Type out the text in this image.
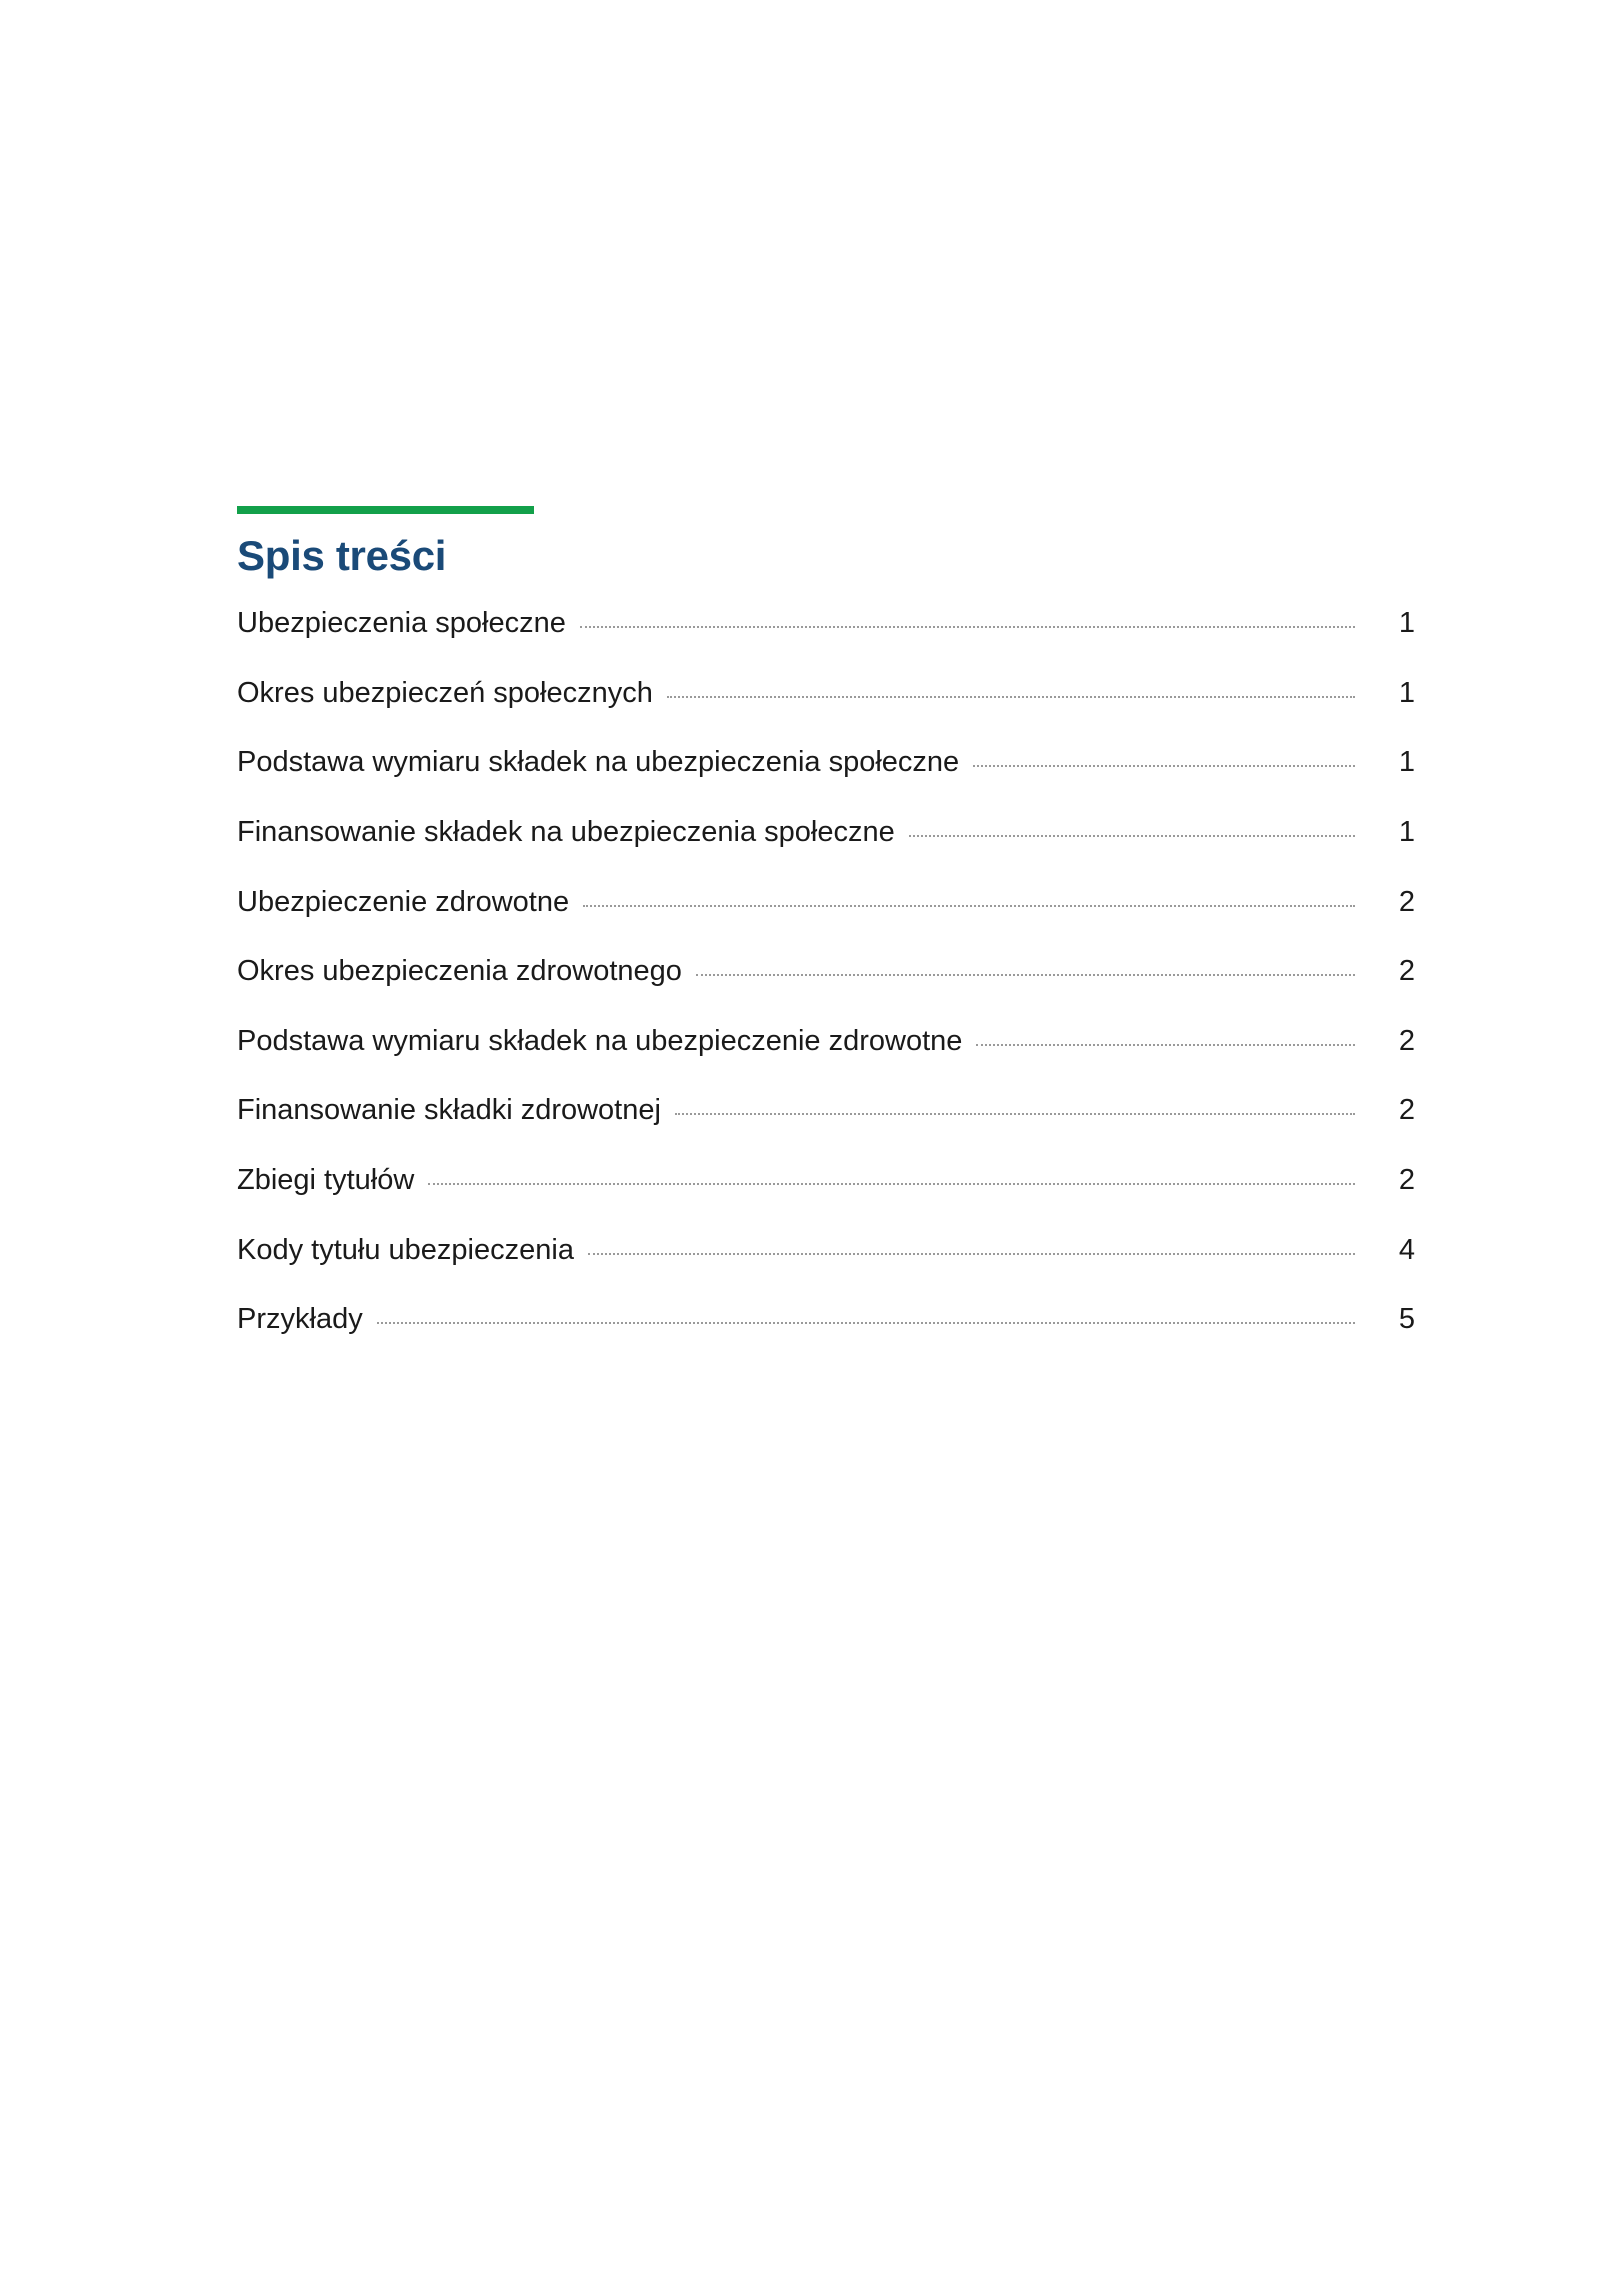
Spis treści
Ubezpieczenia społeczne	1
Okres ubezpieczeń społecznych	1
Podstawa wymiaru składek na ubezpieczenia społeczne	1
Finansowanie składek na ubezpieczenia społeczne	1
Ubezpieczenie zdrowotne	2
Okres ubezpieczenia zdrowotnego	2
Podstawa wymiaru składek na ubezpieczenie zdrowotne	2
Finansowanie składki zdrowotnej	2
Zbiegi tytułów	2
Kody tytułu ubezpieczenia	4
Przykłady	5
